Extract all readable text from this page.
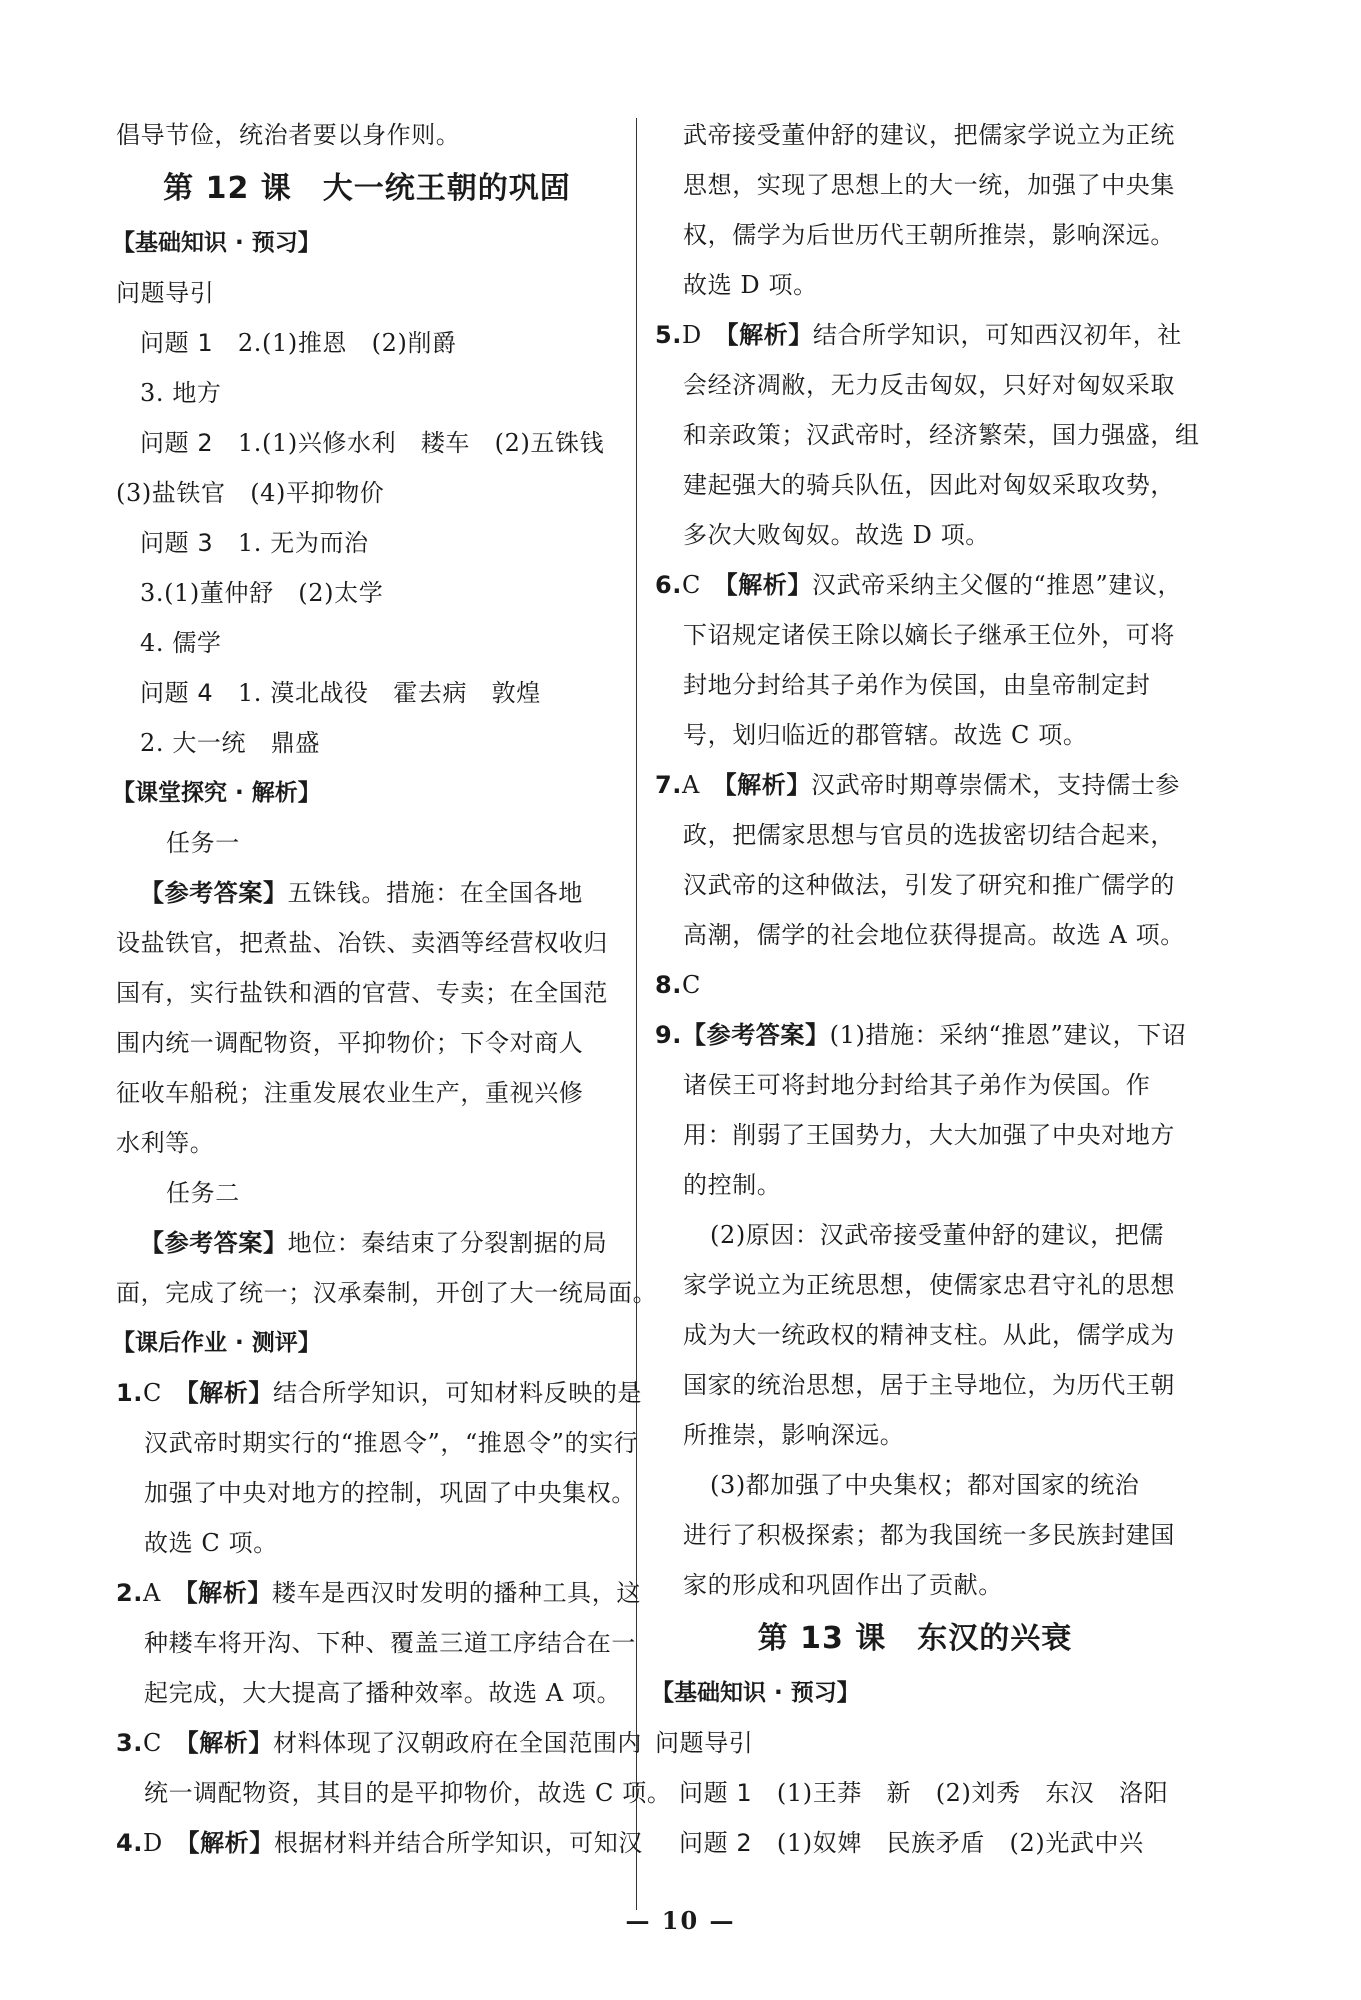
倡导节俭，统治者要以身作则。
第 12 课　大一统王朝的巩固
【基础知识 · 预习】
问题导引
问题 1　 2.(1)推恩　(2)削爵
3. 地方
问题 2　 1.(1)兴修水利　耧车　(2)五铢钱
(3)盐铁官　(4)平抑物价
问题 3　 1. 无为而治
3.(1)董仲舒　(2)太学
4. 儒学
问题 4　 1. 漠北战役　霍去病　敦煌
2. 大一统　鼎盛
【课堂探究 · 解析】
任务一
【参考答案】五铢钱。措施：在全国各地
设盐铁官，把煮盐、冶铁、卖酒等经营权收归
国有，实行盐铁和酒的官营、专卖；在全国范
围内统一调配物资，平抑物价；下令对商人
征收车船税；注重发展农业生产，重视兴修
水利等。
任务二
【参考答案】地位：秦结束了分裂割据的局
面，完成了统一；汉承秦制，开创了大一统局面。
【课后作业 · 测评】
1.C　【解析】结合所学知识，可知材料反映的是
汉武帝时期实行的“推恩令”，“推恩令”的实行
加强了中央对地方的控制，巩固了中央集权。
故选 C 项。
2.A　【解析】耧车是西汉时发明的播种工具，这
种耧车将开沟、下种、覆盖三道工序结合在一
起完成，大大提高了播种效率。故选 A 项。
3.C　【解析】材料体现了汉朝政府在全国范围内
统一调配物资，其目的是平抑物价，故选 C 项。
4.D　【解析】根据材料并结合所学知识，可知汉
武帝接受董仲舒的建议，把儒家学说立为正统
思想，实现了思想上的大一统，加强了中央集
权，儒学为后世历代王朝所推崇，影响深远。
故选 D 项。
5.D　【解析】结合所学知识，可知西汉初年，社
会经济凋敝，无力反击匈奴，只好对匈奴采取
和亲政策；汉武帝时，经济繁荣，国力强盛，组
建起强大的骑兵队伍，因此对匈奴采取攻势，
多次大败匈奴。故选 D 项。
6.C　【解析】汉武帝采纳主父偃的“推恩”建议，
下诏规定诸侯王除以嫡长子继承王位外，可将
封地分封给其子弟作为侯国，由皇帝制定封
号，划归临近的郡管辖。故选 C 项。
7.A　【解析】汉武帝时期尊崇儒术，支持儒士参
政，把儒家思想与官员的选拔密切结合起来，
汉武帝的这种做法，引发了研究和推广儒学的
高潮，儒学的社会地位获得提高。故选 A 项。
8.C
9.【参考答案】(1)措施：采纳“推恩”建议，下诏
诸侯王可将封地分封给其子弟作为侯国。作
用：削弱了王国势力，大大加强了中央对地方
的控制。
(2)原因：汉武帝接受董仲舒的建议，把儒
家学说立为正统思想，使儒家忠君守礼的思想
成为大一统政权的精神支柱。从此，儒学成为
国家的统治思想，居于主导地位，为历代王朝
所推崇，影响深远。
(3)都加强了中央集权；都对国家的统治
进行了积极探索；都为我国统一多民族封建国
家的形成和巩固作出了贡献。
第 13 课　东汉的兴衰
【基础知识 · 预习】
问题导引
问题 1　 (1)王莽　新　(2)刘秀　东汉　洛阳
问题 2　 (1)奴婢　民族矛盾　(2)光武中兴
— 10 —
